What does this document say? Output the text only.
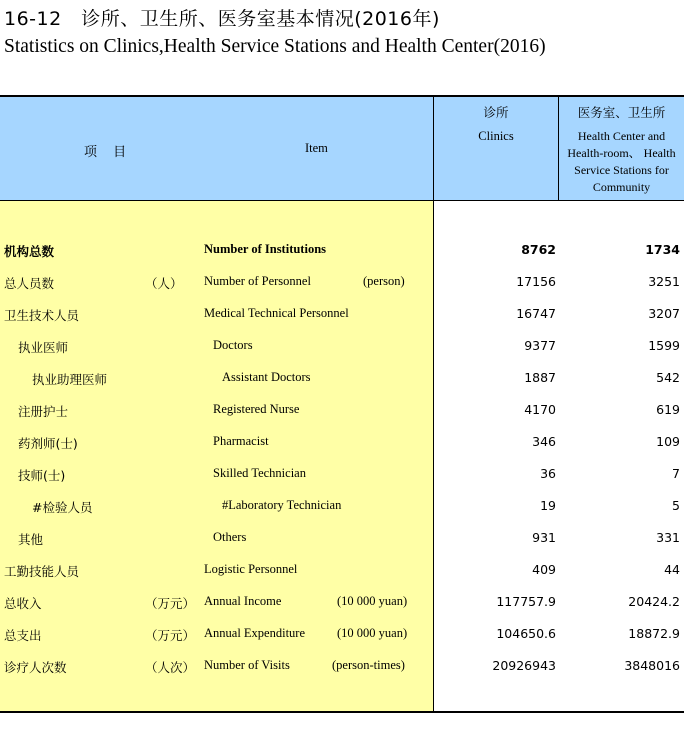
16-12　诊所、卫生所、医务室基本情况(2016年)
Statistics on Clinics,Health Service Stations and Health Center(2016)
项 目	Item
诊所
Clinics
医务室、卫生所
Health Center and Health-room、 Health Service Stations for Community
机构总数	Number of Institutions	8762	1734
总人员数	（人） Number of Personnel	(person)	17156	3251
卫生技术人员	Medical Technical Personnel	16747	3207
执业医师	Doctors	9377	1599
执业助理医师	Assistant Doctors	1887	542
注册护士	Registered Nurse	4170	619
药剂师(士)	Pharmacist	346	109
技师(士)	Skilled Technician	36	7
#检验人员	#Laboratory Technician	19	5
其他	Others	931	331
工勤技能人员	Logistic Personnel	409	44
总收入	（万元） Annual Income	(10 000 yuan)	117757.9	20424.2
总支出	（万元） Annual Expenditure	(10 000 yuan)	104650.6	18872.9
诊疗人次数	（人次） Number of Visits	(person-times)	20926943	3848016
